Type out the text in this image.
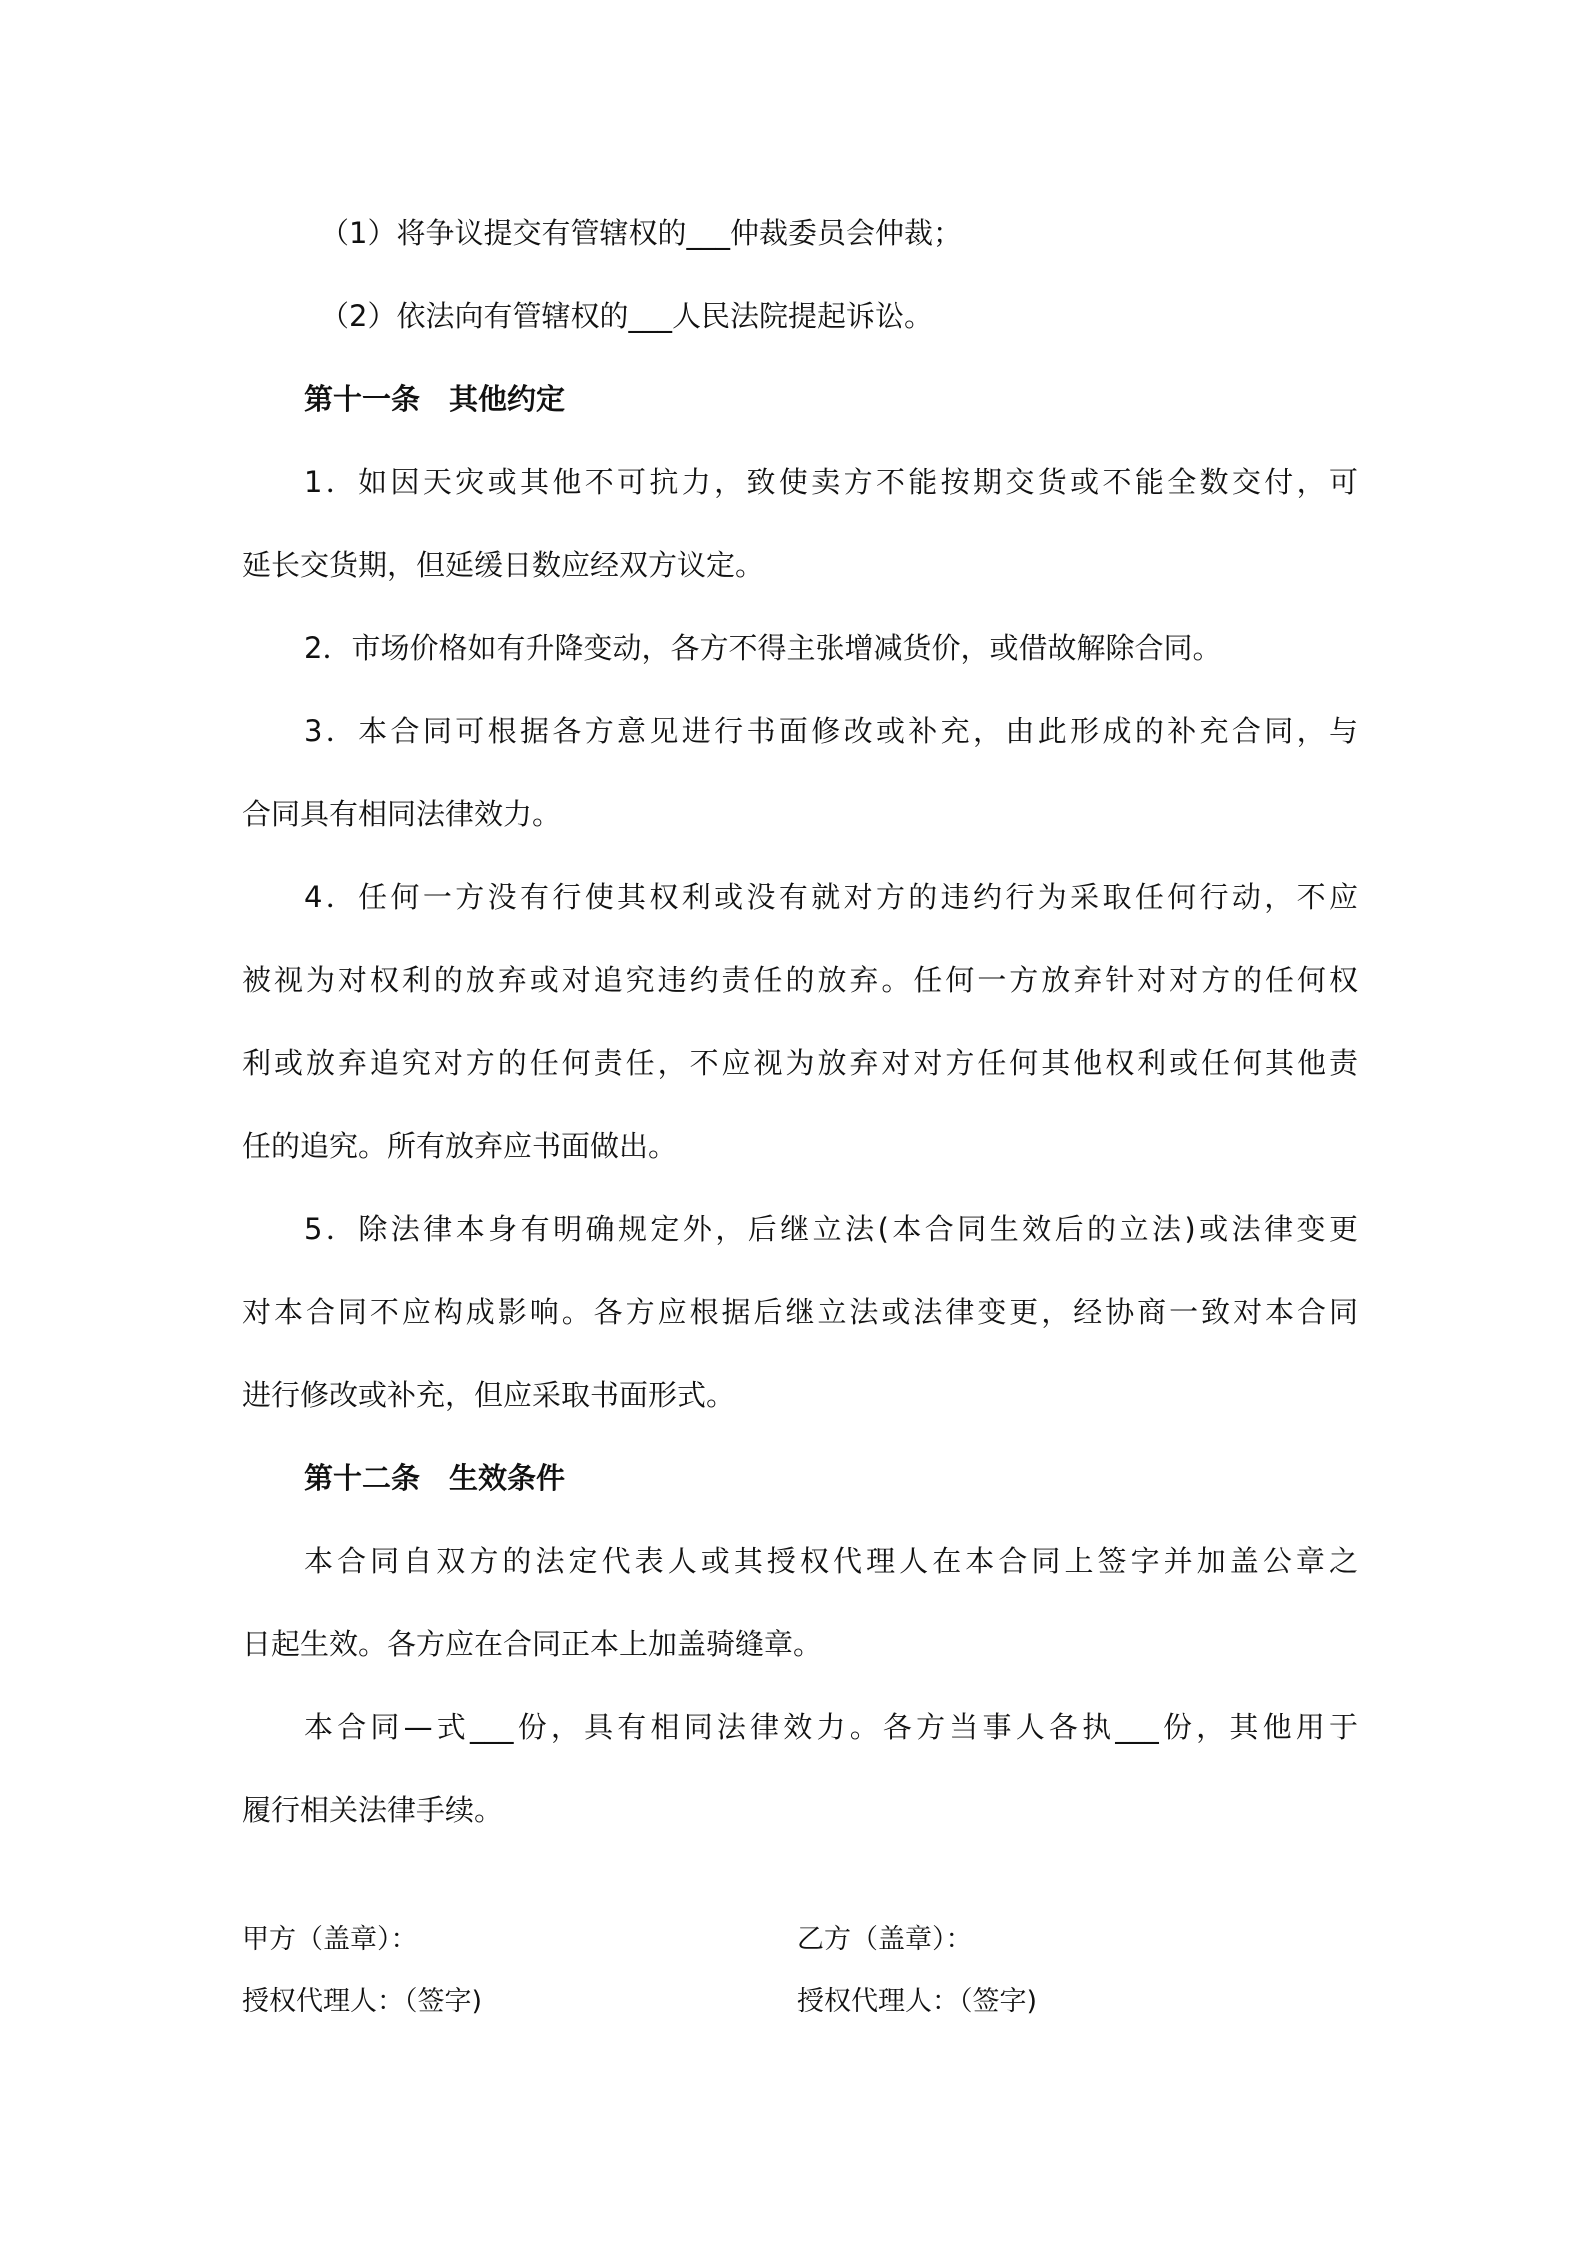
（1）将争议提交有管辖权的___仲裁委员会仲裁；
（2）依法向有管辖权的___人民法院提起诉讼。
第十一条　其他约定
1．如因天灾或其他不可抗力，致使卖方不能按期交货或不能全数交付，可
延长交货期，但延缓日数应经双方议定。
2．市场价格如有升降变动，各方不得主张增减货价，或借故解除合同。
3．本合同可根据各方意见进行书面修改或补充，由此形成的补充合同，与
合同具有相同法律效力。
4．任何一方没有行使其权利或没有就对方的违约行为采取任何行动，不应
被视为对权利的放弃或对追究违约责任的放弃。任何一方放弃针对对方的任何权
利或放弃追究对方的任何责任，不应视为放弃对对方任何其他权利或任何其他责
任的追究。所有放弃应书面做出。
5．除法律本身有明确规定外，后继立法(本合同生效后的立法)或法律变更
对本合同不应构成影响。各方应根据后继立法或法律变更，经协商一致对本合同
进行修改或补充，但应采取书面形式。
第十二条　生效条件
本合同自双方的法定代表人或其授权代理人在本合同上签字并加盖公章之
日起生效。各方应在合同正本上加盖骑缝章。
本合同—式___份，具有相同法律效力。各方当事人各执___份，其他用于
履行相关法律手续。
甲方（盖章）：
授权代理人：（签字)
乙方（盖章）：
授权代理人：（签字)
